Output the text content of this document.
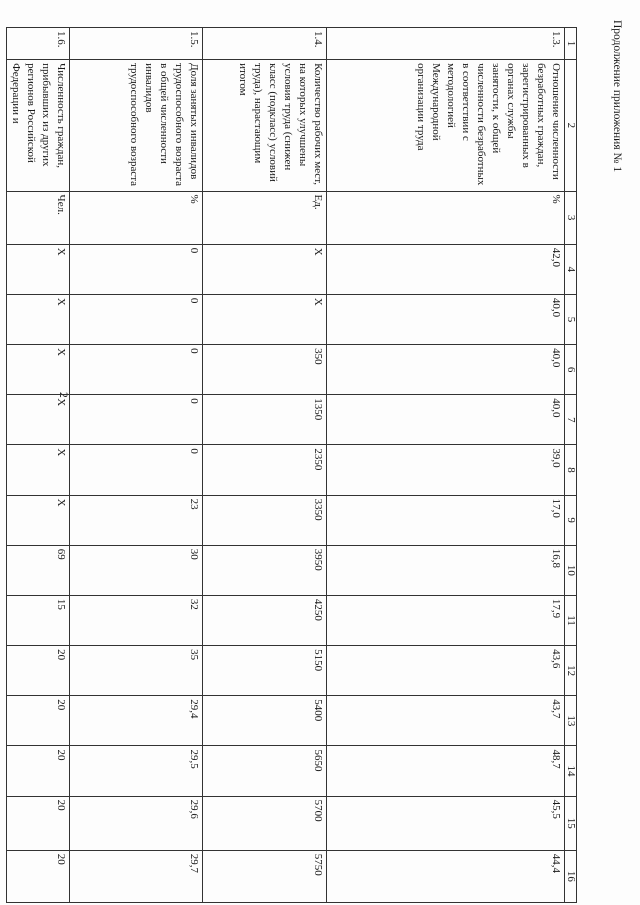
Продолжение приложения № 1
2
1	2	3	4	5	6	7	8	9	10	11	12	13	14	15	16
1.3.	Отношение численности безработных граждан, зарегистрированных в органах службы занятости, к общей численности безработных в соответствии с методологией Международной организации труда	%	42,0	40,0	40,0	40,0	39,0	17,0	16,8	17,9	43,6	43,7	48,7	45,5	44,4
1.4.	Количество рабочих мест, на которых улучшены условия труда (снижен класс (подкласс) условий труда), нарастающим итогом	Ед.	X	X	350	1350	2350	3350	3950	4250	5150	5400	5650	5700	5750
1.5.	Доля занятых инвалидов трудоспособного возраста в общей численности инвалидов трудоспособного возраста	%	0	0	0	0	0	23	30	32	35	29,4	29,5	29,6	29,7
1.6.	Численность граждан, прибывших из других регионов Российской Федерации и	Чел.	X	X	X	X	X	X	69	15	20	20	20	20	20
